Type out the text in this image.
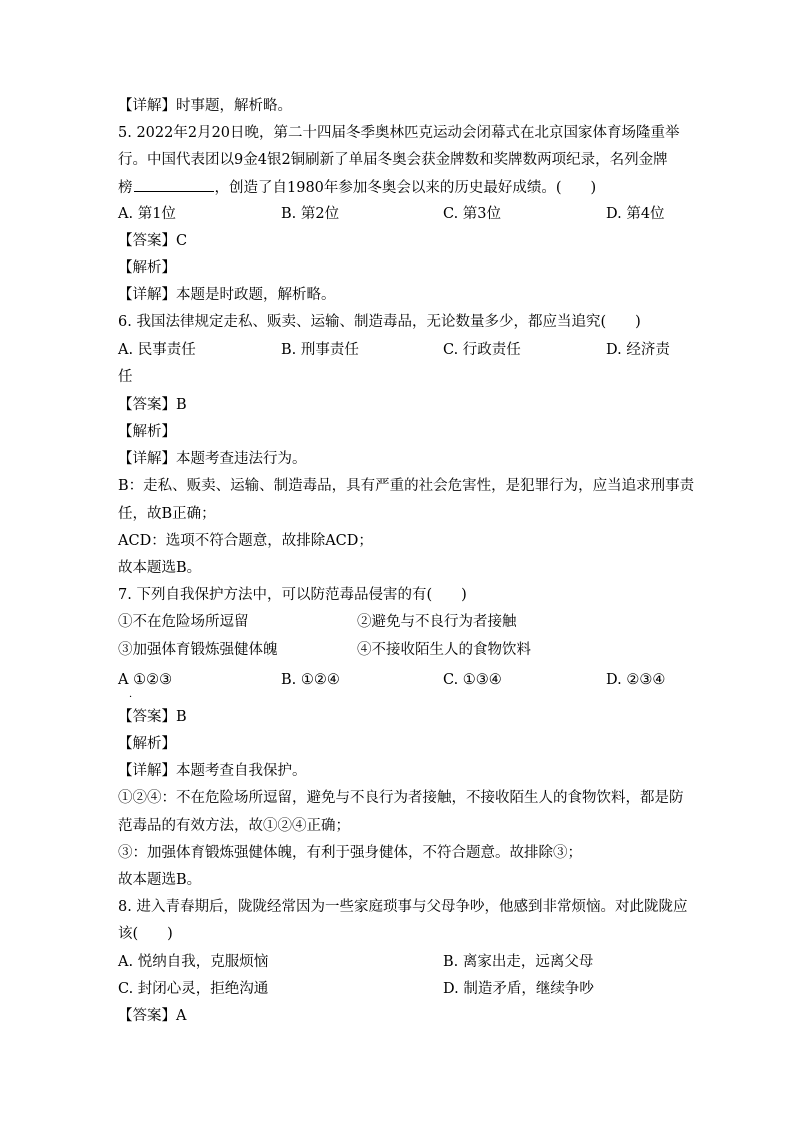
【详解】时事题，解析略。
5. 2022年2月20日晚，第二十四届冬季奥林匹克运动会闭幕式在北京国家体育场隆重举
行。中国代表团以9金4银2铜刷新了单届冬奥会获金牌数和奖牌数两项纪录，名列金牌
榜	，创造了自1980年参加冬奥会以来的历史最好成绩。(　　)
A. 第1位	B. 第2位	C. 第3位	D. 第4位
【答案】C
【解析】
【详解】本题是时政题，解析略。
6. 我国法律规定走私、贩卖、运输、制造毒品，无论数量多少，都应当追究(　　)
A. 民事责任	B. 刑事责任	C. 行政责任	D. 经济责
任
【答案】B
【解析】
【详解】本题考查违法行为。
B：走私、贩卖、运输、制造毒品，具有严重的社会危害性，是犯罪行为，应当追求刑事责
任，故B正确；
ACD：选项不符合题意，故排除ACD；
故本题选B。
7. 下列自我保护方法中，可以防范毒品侵害的有(　　)
①不在危险场所逗留	②避免与不良行为者接触
③加强体育锻炼强健体魄	④不接收陌生人的食物饮料
A ①②③	B. ①②④	C. ①③④	D. ②③④
．
【答案】B
【解析】
【详解】本题考查自我保护。
①②④：不在危险场所逗留，避免与不良行为者接触，不接收陌生人的食物饮料，都是防
范毒品的有效方法，故①②④正确；
③：加强体育锻炼强健体魄，有利于强身健体，不符合题意。故排除③；
故本题选B。
8. 进入青春期后，陇陇经常因为一些家庭琐事与父母争吵，他感到非常烦恼。对此陇陇应
该(　　)
A. 悦纳自我，克服烦恼	B. 离家出走，远离父母
C. 封闭心灵，拒绝沟通	D. 制造矛盾，继续争吵
【答案】A
